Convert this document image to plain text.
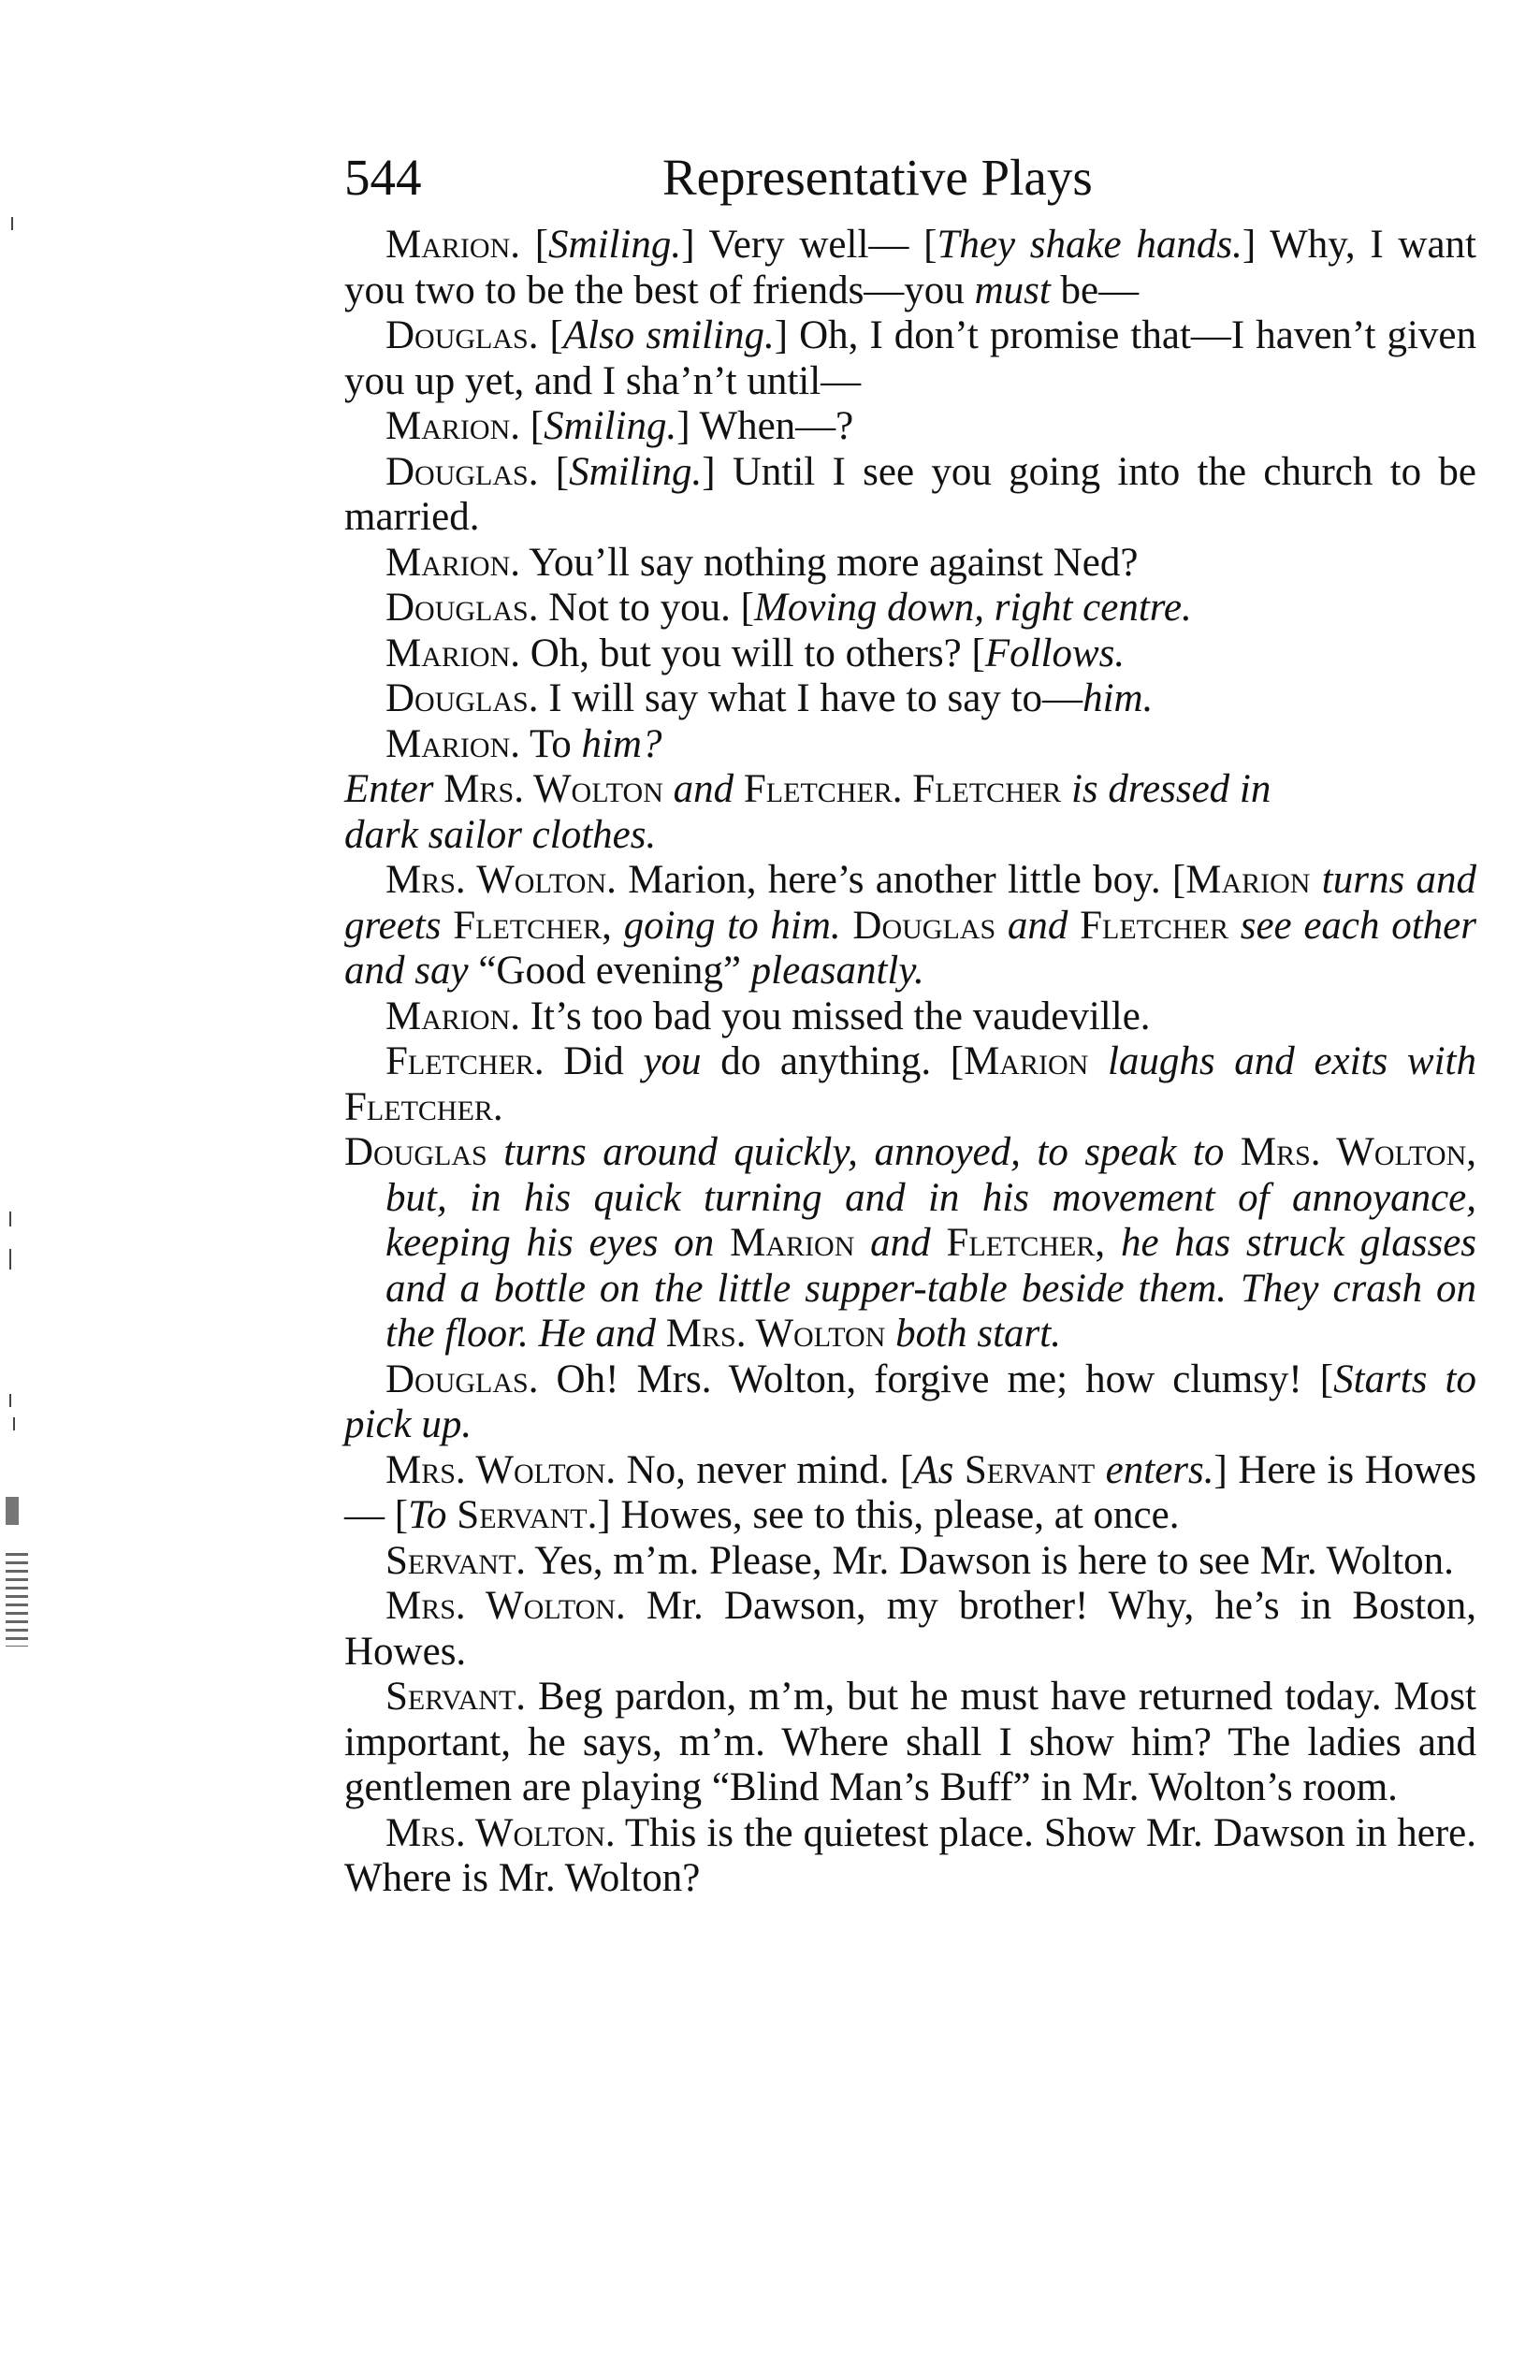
544	Representative Plays

Marion. [Smiling.] Very well— [They shake hands.] Why, I want you two to be the best of friends—you must be—

Douglas. [Also smiling.] Oh, I don’t promise that—I haven’t given you up yet, and I sha’n’t until—

Marion. [Smiling.] When—?

Douglas. [Smiling.] Until I see you going into the church to be married.

Marion. You’ll say nothing more against Ned?

Douglas. Not to you. [Moving down, right centre.

Marion. Oh, but you will to others? [Follows.

Douglas. I will say what I have to say to—him.

Marion. To him?

Enter Mrs. Wolton and Fletcher. Fletcher is dressed in
dark sailor clothes.

Mrs. Wolton. Marion, here’s another little boy. [Marion turns and greets Fletcher, going to him. Douglas and Fletcher see each other and say “Good evening” pleasantly.

Marion. It’s too bad you missed the vaudeville.

Fletcher. Did you do anything. [Marion laughs and exits with Fletcher.

Douglas turns around quickly, annoyed, to speak to Mrs. Wolton, but, in his quick turning and in his movement of annoyance, keeping his eyes on Marion and Fletcher, he has struck glasses and a bottle on the little supper-table beside them. They crash on the floor. He and Mrs. Wolton both start.

Douglas. Oh! Mrs. Wolton, forgive me; how clumsy! [Starts to pick up.

Mrs. Wolton. No, never mind. [As Servant enters.] Here is Howes— [To Servant.] Howes, see to this, please, at once.

Servant. Yes, m’m. Please, Mr. Dawson is here to see Mr. Wolton.

Mrs. Wolton. Mr. Dawson, my brother! Why, he’s in Boston, Howes.

Servant. Beg pardon, m’m, but he must have returned today. Most important, he says, m’m. Where shall I show him? The ladies and gentlemen are playing “Blind Man’s Buff” in Mr. Wolton’s room.

Mrs. Wolton. This is the quietest place. Show Mr. Dawson in here. Where is Mr. Wolton?
